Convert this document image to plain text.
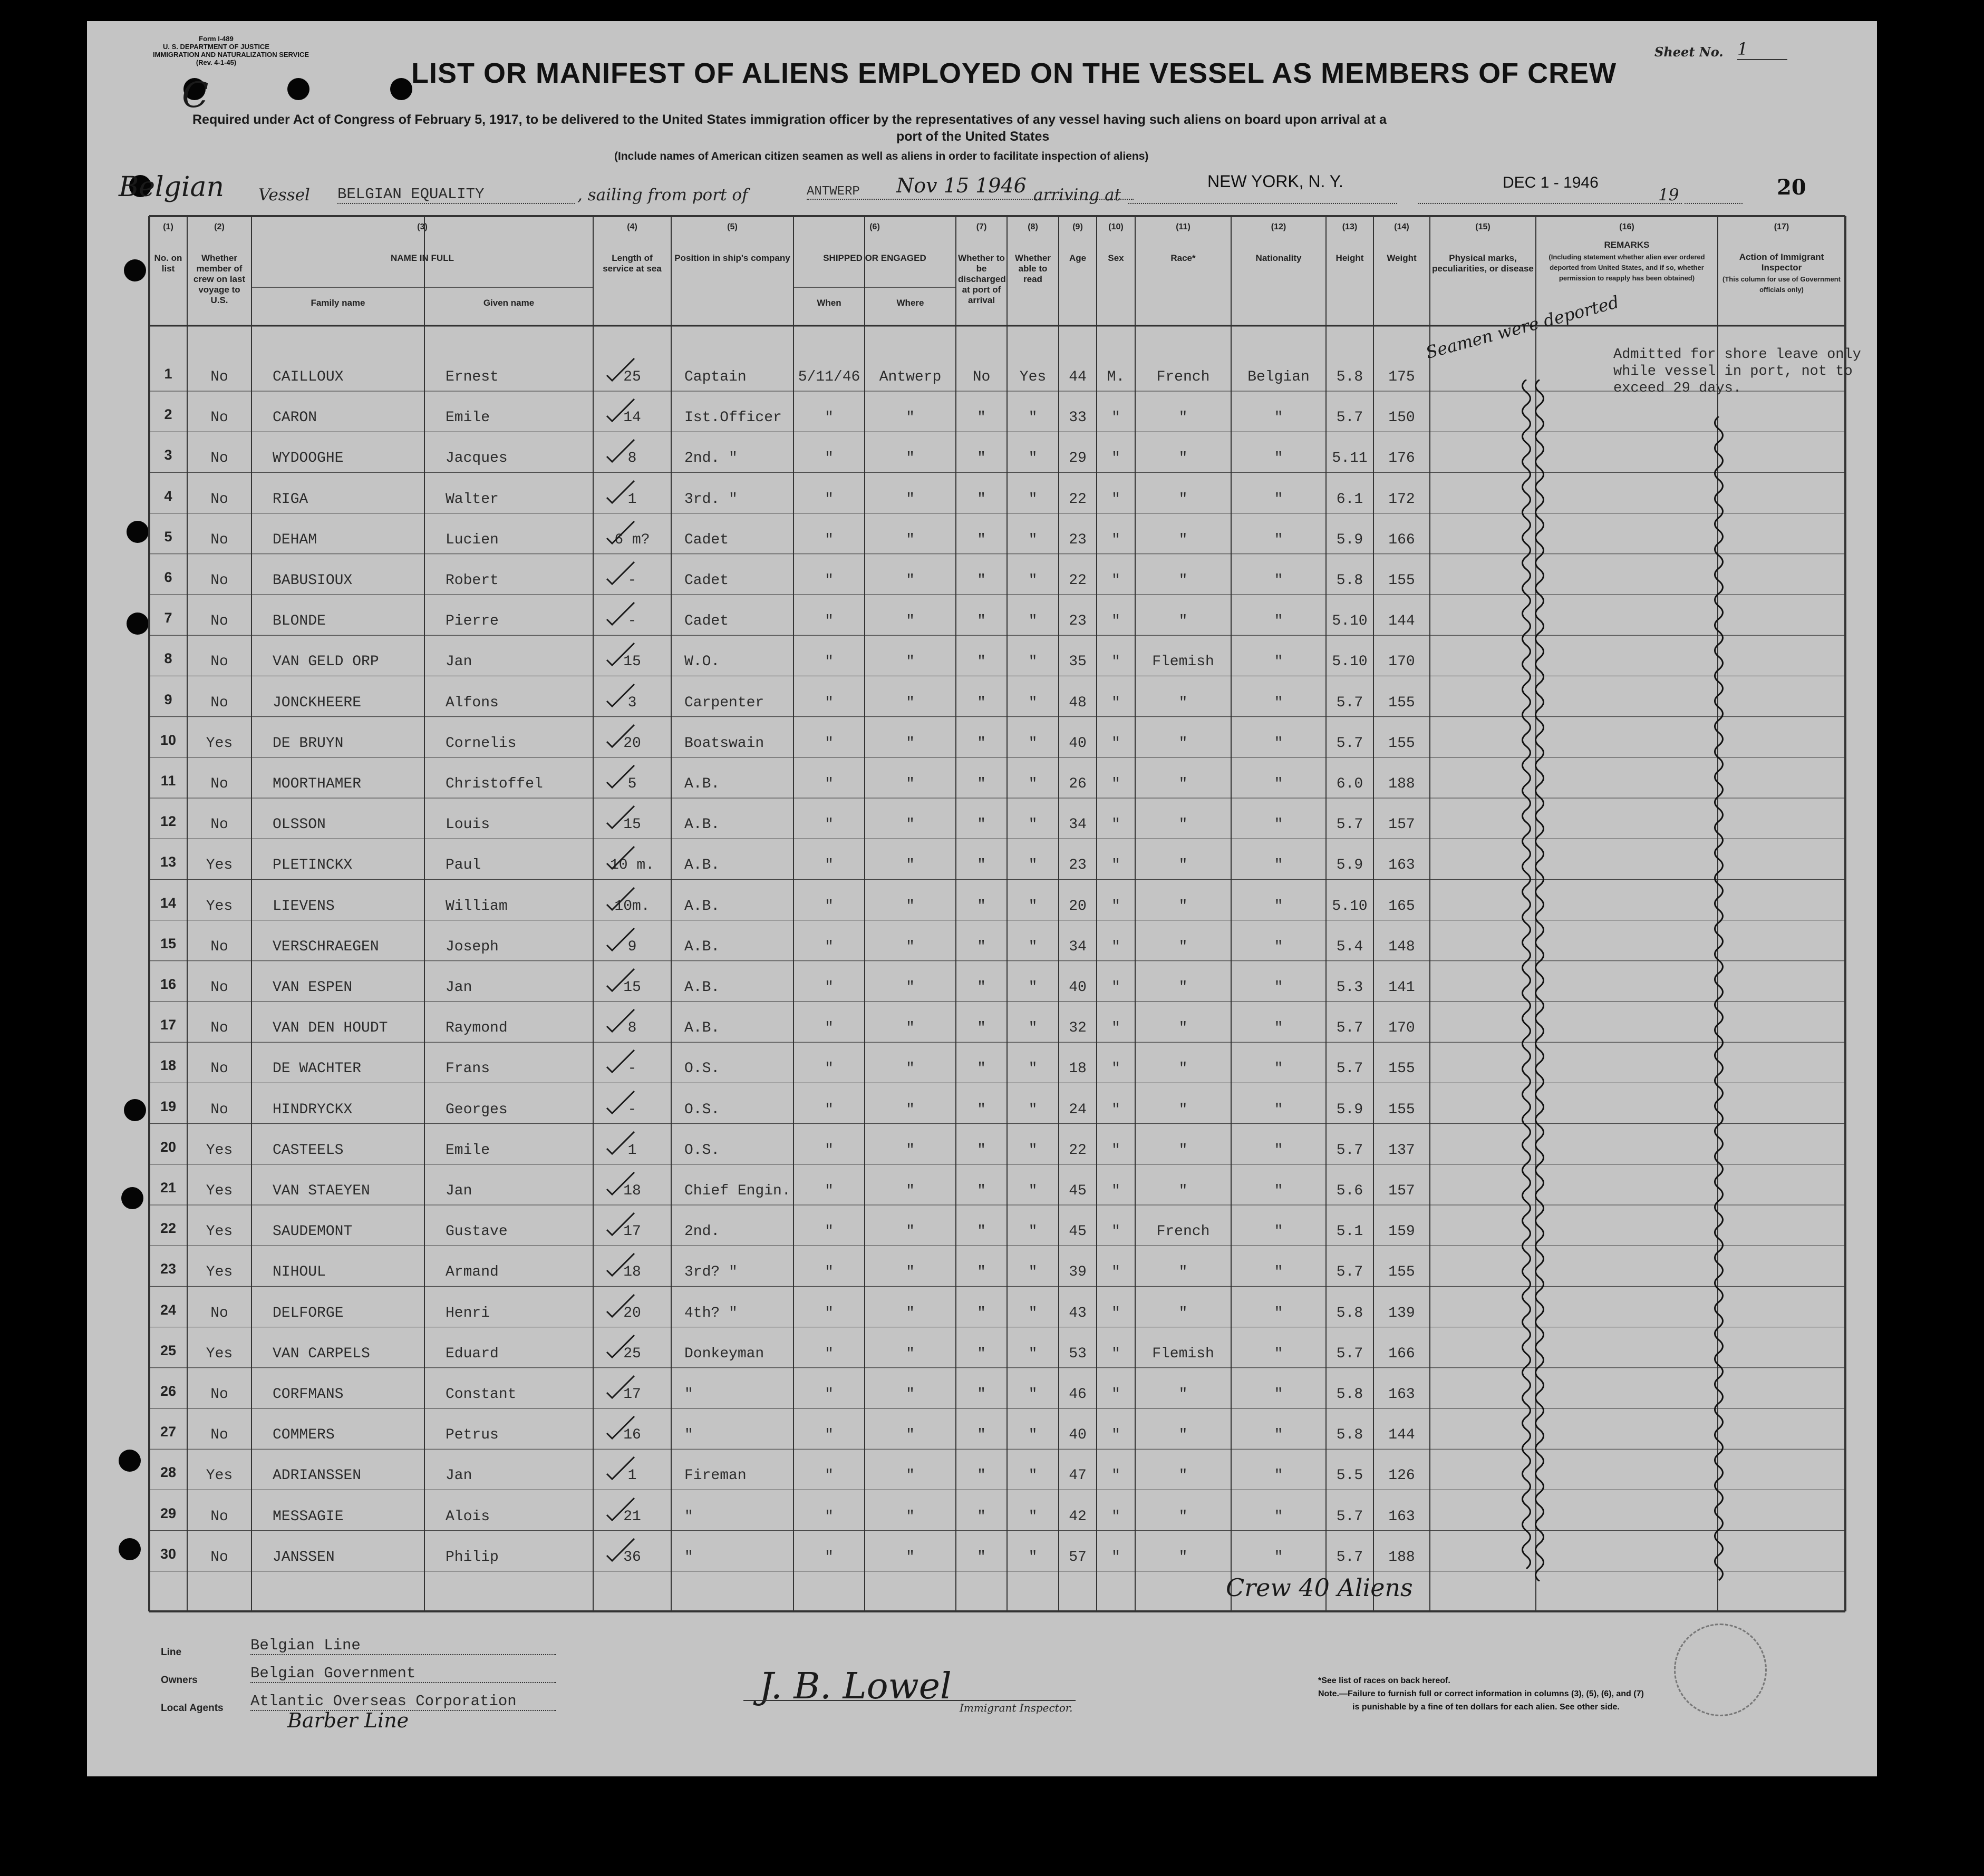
Form I-489
U. S. DEPARTMENT OF JUSTICE
IMMIGRATION AND NATURALIZATION SERVICE
(Rev. 4-1-45)
C
LIST OR MANIFEST OF ALIENS EMPLOYED ON THE VESSEL AS MEMBERS OF CREW
Sheet No. 1
Required under Act of Congress of February 5, 1917, to be delivered to the United States immigration officer by the representatives of any vessel having such aliens on board upon arrival at a
port of the United States
(Include names of American citizen seamen as well as aliens in order to facilitate inspection of aliens)
Belgian Vessel BELGIAN EQUALITY	, sailing from port of	ANTWERP	Nov 15 1946 arriving at
NEW YORK, N. Y.	DEC 1 - 1946
19	20
(1)
No. on list
(2)
Whether member of crew on last voyage to U.S.
(3)
NAME IN FULL
Family name	Given name
(4)
Length of service at sea
(5)
Position in ship's company
(6)
SHIPPED OR ENGAGED
When	Where
(7)
Whether to be discharged at port of arrival
(8)
Whether able to read
(9)
Age
(10)
Sex
(11)
Race*
(12)
Nationality
(13)
Height
(14)
Weight
(15)
Physical marks, peculiarities, or disease
(16)
REMARKS
(Including statement whether alien ever ordered deported from United States, and if so, whether permission to reapply has been obtained)
(17)
Action of Immigrant Inspector
(This column for use of Government officials only)
1	No	CAILLOUX	Ernest	25	Captain	5/11/46	Antwerp	No	Yes	44	M.	French	Belgian	5.8	175
2	No	CARON	Emile	14	Ist.Officer	"	"	"	"	33	"	"	"	5.7	150
3	No	WYDOOGHE	Jacques	8	2nd. "	"	"	"	"	29	"	"	"	5.11	176
4	No	RIGA	Walter	1	3rd. "	"	"	"	"	22	"	"	"	6.1	172
5	No	DEHAM	Lucien	6 m?	Cadet	"	"	"	"	23	"	"	"	5.9	166
6	No	BABUSIOUX	Robert	-	Cadet	"	"	"	"	22	"	"	"	5.8	155
7	No	BLONDE	Pierre	-	Cadet	"	"	"	"	23	"	"	"	5.10	144
8	No	VAN GELD ORP	Jan	15	W.O.	"	"	"	"	35	"	Flemish	"	5.10	170
9	No	JONCKHEERE	Alfons	3	Carpenter	"	"	"	"	48	"	"	"	5.7	155
10	Yes	DE BRUYN	Cornelis	20	Boatswain	"	"	"	"	40	"	"	"	5.7	155
11	No	MOORTHAMER	Christoffel	5	A.B.	"	"	"	"	26	"	"	"	6.0	188
12	No	OLSSON	Louis	15	A.B.	"	"	"	"	34	"	"	"	5.7	157
13	Yes	PLETINCKX	Paul	10 m.	A.B.	"	"	"	"	23	"	"	"	5.9	163
14	Yes	LIEVENS	William	10m.	A.B.	"	"	"	"	20	"	"	"	5.10	165
15	No	VERSCHRAEGEN	Joseph	9	A.B.	"	"	"	"	34	"	"	"	5.4	148
16	No	VAN ESPEN	Jan	15	A.B.	"	"	"	"	40	"	"	"	5.3	141
17	No	VAN DEN HOUDT	Raymond	8	A.B.	"	"	"	"	32	"	"	"	5.7	170
18	No	DE WACHTER	Frans	-	O.S.	"	"	"	"	18	"	"	"	5.7	155
19	No	HINDRYCKX	Georges	-	O.S.	"	"	"	"	24	"	"	"	5.9	155
20	Yes	CASTEELS	Emile	1	O.S.	"	"	"	"	22	"	"	"	5.7	137
21	Yes	VAN STAEYEN	Jan	18	Chief Engin.	"	"	"	"	45	"	"	"	5.6	157
22	Yes	SAUDEMONT	Gustave	17	2nd.	"	"	"	"	45	"	French	"	5.1	159
23	Yes	NIHOUL	Armand	18	3rd? "	"	"	"	"	39	"	"	"	5.7	155
24	No	DELFORGE	Henri	20	4th? "	"	"	"	"	43	"	"	"	5.8	139
25	Yes	VAN CARPELS	Eduard	25	Donkeyman	"	"	"	"	53	"	Flemish	"	5.7	166
26	No	CORFMANS	Constant	17	"	"	"	"	"	46	"	"	"	5.8	163
27	No	COMMERS	Petrus	16	"	"	"	"	"	40	"	"	"	5.8	144
28	Yes	ADRIANSSEN	Jan	1	Fireman	"	"	"	"	47	"	"	"	5.5	126
29	No	MESSAGIE	Alois	21	"	"	"	"	"	42	"	"	"	5.7	163
30	No	JANSSEN	Philip	36	"	"	"	"	"	57	"	"	"	5.7	188
Seamen were deported
Admitted for shore leave only
while vessel in port, not to
exceed 29 days.
Crew 40 Aliens
Line	Belgian Line
Owners	Belgian Government
Local Agents Atlantic Overseas Corporation
Barber Line
J. B. Lowel
Immigrant Inspector.
*See list of races on back hereof.
Note.—Failure to furnish full or correct information in columns (3), (5), (6), and (7)
is punishable by a fine of ten dollars for each alien. See other side.
